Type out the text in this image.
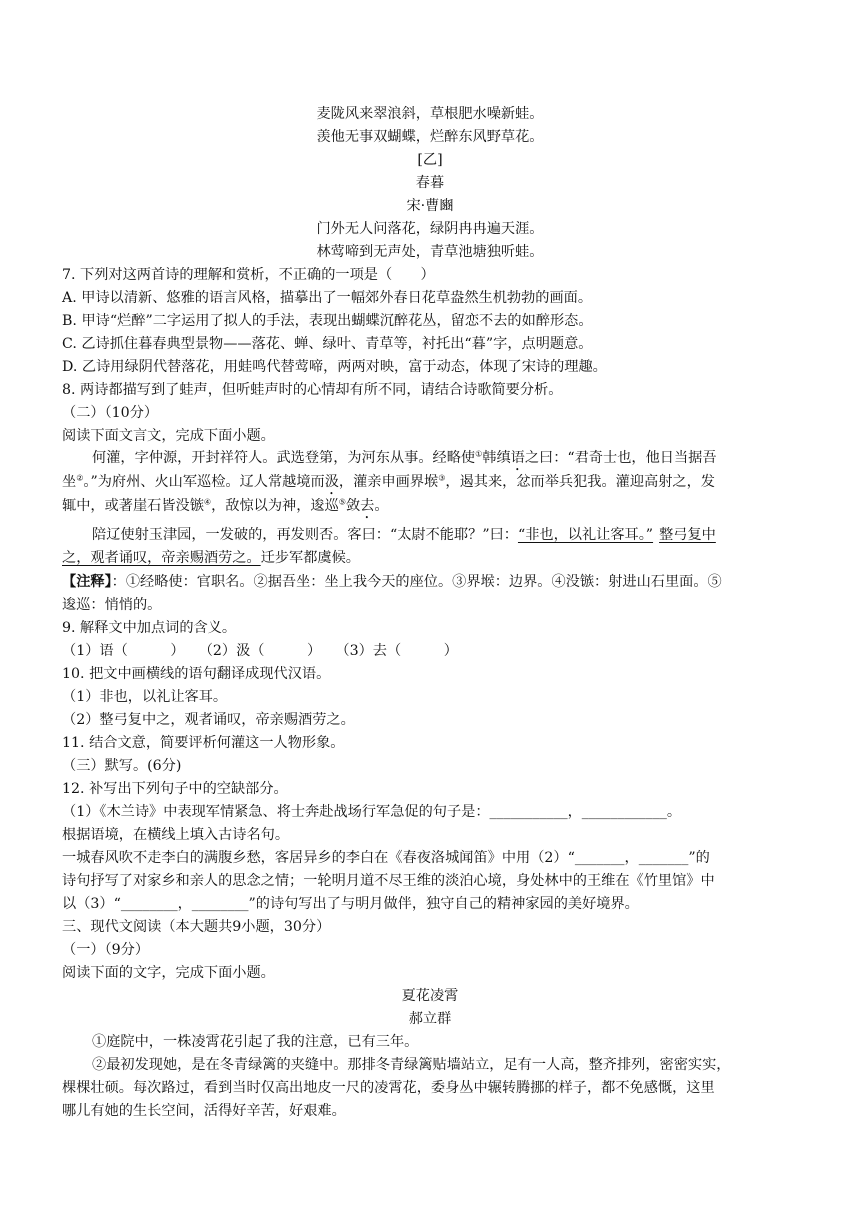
麦陇风来翠浪斜，草根肥水噪新蛙。
羡他无事双蝴蝶，烂醉东风野草花。
[乙]
春暮
宋·曹豳
门外无人问落花，绿阴冉冉遍天涯。
林莺啼到无声处，青草池塘独听蛙。
7. 下列对这两首诗的理解和赏析，不正确的一项是（　　）
A. 甲诗以清新、悠雅的语言风格，描摹出了一幅郊外春日花草盎然生机勃勃的画面。
B. 甲诗“烂醉”二字运用了拟人的手法，表现出蝴蝶沉醉花丛，留恋不去的如醉形态。
C. 乙诗抓住暮春典型景物——落花、蝉、绿叶、青草等，衬托出“暮”字，点明题意。
D. 乙诗用绿阴代替落花，用蛙鸣代替莺啼，两两对映，富于动态，体现了宋诗的理趣。
8. 两诗都描写到了蛙声，但听蛙声时的心情却有所不同，请结合诗歌简要分析。
（二）（10分）
阅读下面文言文，完成下面小题。
何灌，字仲源，开封祥符人。武选登第，为河东从事。经略使①韩缜语之曰：“君奇士也，他日当据吾
坐②。”为府州、火山军巡检。辽人常越境而汲，灌亲申画界堠③，遏其来，忿而举兵犯我。灌迎高射之，发
辄中，或著崖石皆没镞④，敌惊以为神，逡巡⑤敛去。
陪辽使射玉津园，一发破的，再发则否。客曰：“太尉不能耶？”曰：“非也，以礼让客耳。” 整弓复中
之，观者诵叹，帝亲赐酒劳之。迁步军都虞候。
【注释】：①经略使：官职名。②据吾坐：坐上我今天的座位。③界堠：边界。④没镞：射进山石里面。⑤
逡巡：悄悄的。
9. 解释文中加点词的含义。
（1）语（　　　）　　（2）汲（　　　）　　（3）去（　　　）
10. 把文中画横线的语句翻译成现代汉语。
（1）非也，以礼让客耳。
（2）整弓复中之，观者诵叹，帝亲赐酒劳之。
11. 结合文意，简要评析何灌这一人物形象。
（三）默写。(6分)
12. 补写出下列句子中的空缺部分。
（1）《木兰诗》中表现军情紧急、将士奔赴战场行军急促的句子是：___________，____________。
根据语境，在横线上填入古诗名句。
一城春风吹不走李白的满腹乡愁，客居异乡的李白在《春夜洛城闻笛》中用（2）“_______，_______”的
诗句抒写了对家乡和亲人的思念之情；一轮明月道不尽王维的淡泊心境，身处林中的王维在《竹里馆》中
以（3）“________，________”的诗句写出了与明月做伴，独守自己的精神家园的美好境界。
三、现代文阅读（本大题共9小题，30分）
（一）（9分）
阅读下面的文字，完成下面小题。
夏花凌霄
郝立群
①庭院中，一株凌霄花引起了我的注意，已有三年。
②最初发现她，是在冬青绿篱的夹缝中。那排冬青绿篱贴墙站立，足有一人高，整齐排列，密密实实，
棵棵壮硕。每次路过，看到当时仅高出地皮一尺的凌霄花，委身丛中辗转腾挪的样子，都不免感慨，这里
哪儿有她的生长空间，活得好辛苦，好艰难。
